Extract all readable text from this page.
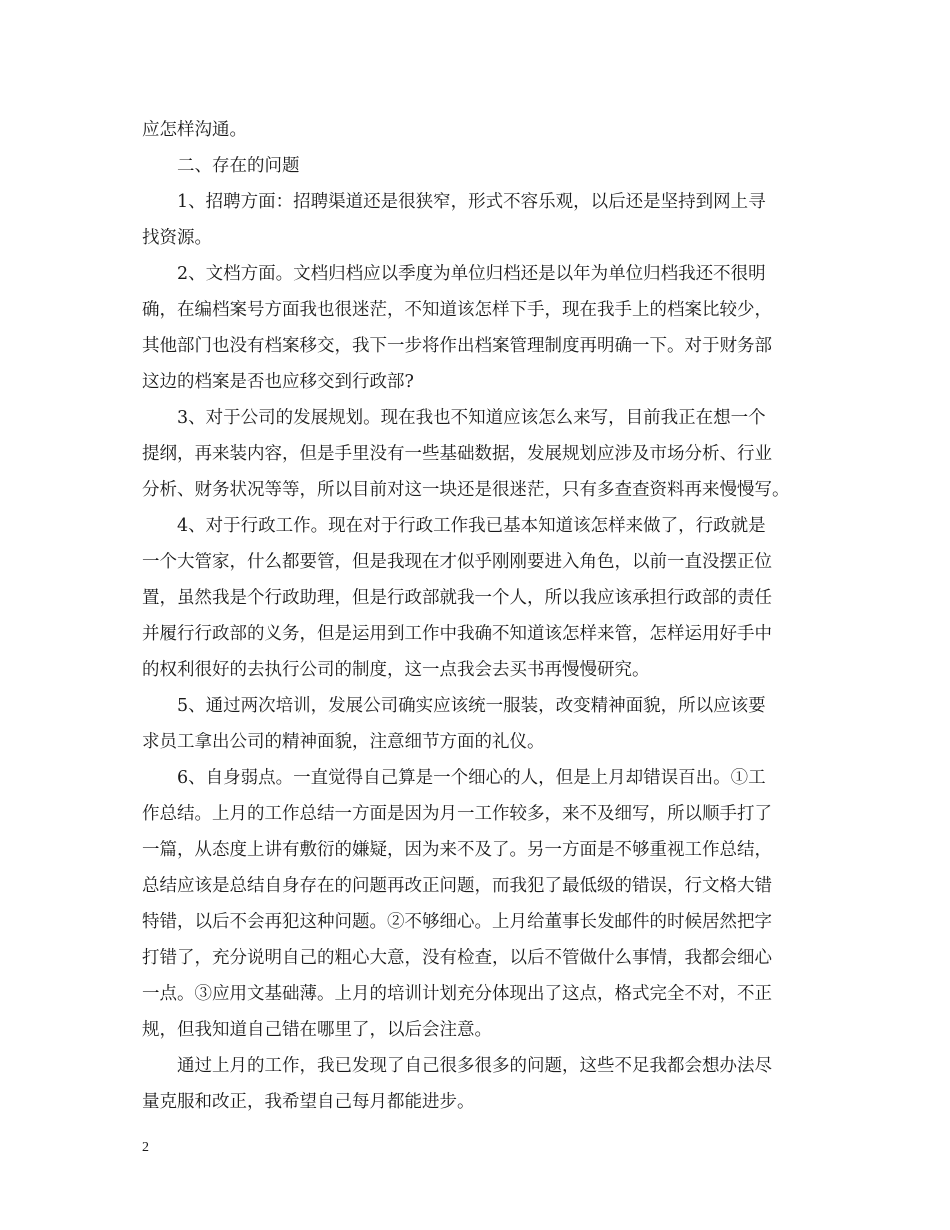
应怎样沟通。
二、存在的问题
1、招聘方面：招聘渠道还是很狭窄，形式不容乐观，以后还是坚持到网上寻
找资源。
2、文档方面。文档归档应以季度为单位归档还是以年为单位归档我还不很明
确，在编档案号方面我也很迷茫，不知道该怎样下手，现在我手上的档案比较少，
其他部门也没有档案移交，我下一步将作出档案管理制度再明确一下。对于财务部
这边的档案是否也应移交到行政部?
3、对于公司的发展规划。现在我也不知道应该怎么来写，目前我正在想一个
提纲，再来装内容，但是手里没有一些基础数据，发展规划应涉及市场分析、行业
分析、财务状况等等，所以目前对这一块还是很迷茫，只有多查查资料再来慢慢写。
4、对于行政工作。现在对于行政工作我已基本知道该怎样来做了，行政就是
一个大管家，什么都要管，但是我现在才似乎刚刚要进入角色，以前一直没摆正位
置，虽然我是个行政助理，但是行政部就我一个人，所以我应该承担行政部的责任
并履行行政部的义务，但是运用到工作中我确不知道该怎样来管，怎样运用好手中
的权利很好的去执行公司的制度，这一点我会去买书再慢慢研究。
5、通过两次培训，发展公司确实应该统一服装，改变精神面貌，所以应该要
求员工拿出公司的精神面貌，注意细节方面的礼仪。
6、自身弱点。一直觉得自己算是一个细心的人，但是上月却错误百出。①工
作总结。上月的工作总结一方面是因为月一工作较多，来不及细写，所以顺手打了
一篇，从态度上讲有敷衍的嫌疑，因为来不及了。另一方面是不够重视工作总结，
总结应该是总结自身存在的问题再改正问题，而我犯了最低级的错误，行文格大错
特错，以后不会再犯这种问题。②不够细心。上月给董事长发邮件的时候居然把字
打错了，充分说明自己的粗心大意，没有检查，以后不管做什么事情，我都会细心
一点。③应用文基础薄。上月的培训计划充分体现出了这点，格式完全不对，不正
规，但我知道自己错在哪里了，以后会注意。
通过上月的工作，我已发现了自己很多很多的问题，这些不足我都会想办法尽
量克服和改正，我希望自己每月都能进步。
2
